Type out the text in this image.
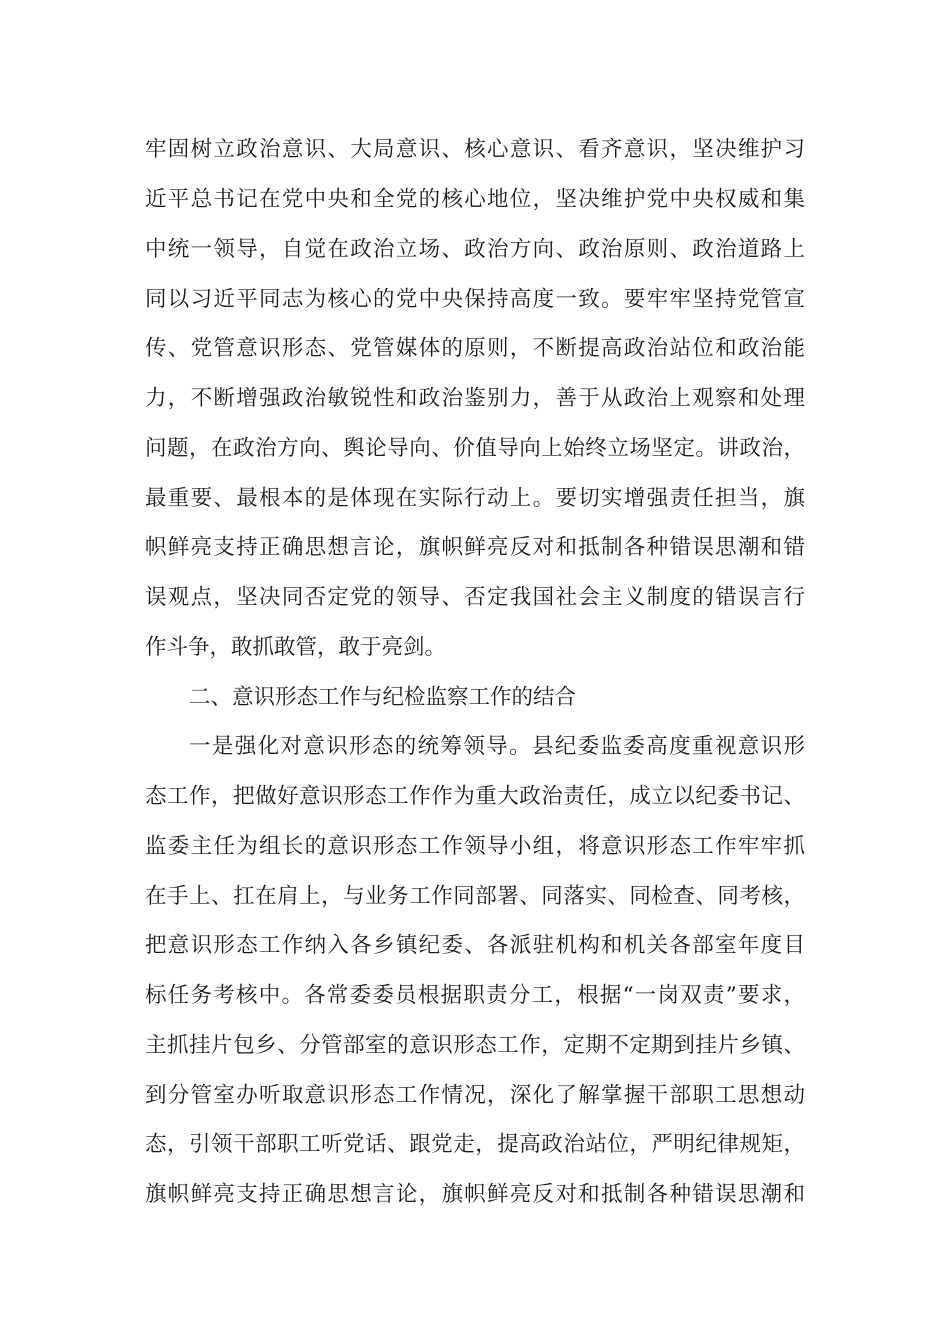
牢固树立政治意识、大局意识、核心意识、看齐意识，坚决维护习
近平总书记在党中央和全党的核心地位，坚决维护党中央权威和集
中统一领导，自觉在政治立场、政治方向、政治原则、政治道路上
同以习近平同志为核心的党中央保持高度一致。要牢牢坚持党管宣
传、党管意识形态、党管媒体的原则，不断提高政治站位和政治能
力，不断增强政治敏锐性和政治鉴别力，善于从政治上观察和处理
问题，在政治方向、舆论导向、价值导向上始终立场坚定。讲政治，
最重要、最根本的是体现在实际行动上。要切实增强责任担当，旗
帜鲜亮支持正确思想言论，旗帜鲜亮反对和抵制各种错误思潮和错
误观点，坚决同否定党的领导、否定我国社会主义制度的错误言行
作斗争，敢抓敢管，敢于亮剑。
二、意识形态工作与纪检监察工作的结合
一是强化对意识形态的统筹领导。县纪委监委高度重视意识形
态工作，把做好意识形态工作作为重大政治责任，成立以纪委书记、
监委主任为组长的意识形态工作领导小组，将意识形态工作牢牢抓
在手上、扛在肩上，与业务工作同部署、同落实、同检查、同考核，
把意识形态工作纳入各乡镇纪委、各派驻机构和机关各部室年度目
标任务考核中。各常委委员根据职责分工，根据“一岗双责”要求，
主抓挂片包乡、分管部室的意识形态工作，定期不定期到挂片乡镇、
到分管室办听取意识形态工作情况，深化了解掌握干部职工思想动
态，引领干部职工听党话、跟党走，提高政治站位，严明纪律规矩，
旗帜鲜亮支持正确思想言论，旗帜鲜亮反对和抵制各种错误思潮和
